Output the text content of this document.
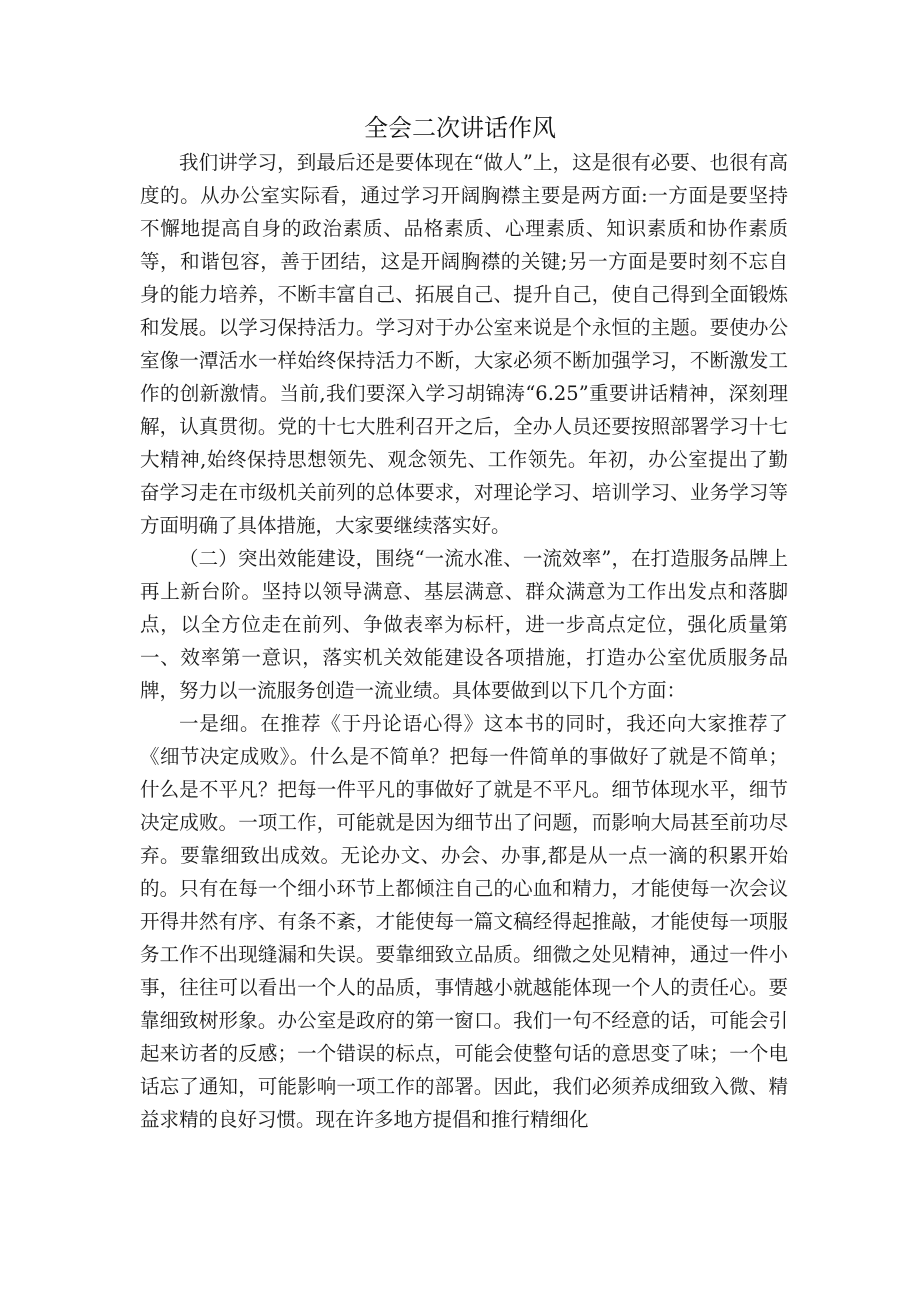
全会二次讲话作风

我们讲学习，到最后还是要体现在“做人”上，这是很有必要、也很有高度的。从办公室实际看，通过学习开阔胸襟主要是两方面:一方面是要坚持不懈地提高自身的政治素质、品格素质、心理素质、知识素质和协作素质等，和谐包容，善于团结，这是开阔胸襟的关键;另一方面是要时刻不忘自身的能力培养，不断丰富自己、拓展自己、提升自己，使自己得到全面锻炼和发展。以学习保持活力。学习对于办公室来说是个永恒的主题。要使办公室像一潭活水一样始终保持活力不断，大家必须不断加强学习，不断激发工作的创新激情。当前,我们要深入学习胡锦涛“6.25”重要讲话精神，深刻理解，认真贯彻。党的十七大胜利召开之后，全办人员还要按照部署学习十七大精神,始终保持思想领先、观念领先、工作领先。年初，办公室提出了勤奋学习走在市级机关前列的总体要求，对理论学习、培训学习、业务学习等方面明确了具体措施，大家要继续落实好。

（二）突出效能建设，围绕“一流水准、一流效率”，在打造服务品牌上再上新台阶。坚持以领导满意、基层满意、群众满意为工作出发点和落脚点，以全方位走在前列、争做表率为标杆，进一步高点定位，强化质量第一、效率第一意识，落实机关效能建设各项措施，打造办公室优质服务品牌，努力以一流服务创造一流业绩。具体要做到以下几个方面：

一是细。在推荐《于丹论语心得》这本书的同时，我还向大家推荐了《细节决定成败》。什么是不简单？把每一件简单的事做好了就是不简单；什么是不平凡？把每一件平凡的事做好了就是不平凡。细节体现水平，细节决定成败。一项工作，可能就是因为细节出了问题，而影响大局甚至前功尽弃。要靠细致出成效。无论办文、办会、办事,都是从一点一滴的积累开始的。只有在每一个细小环节上都倾注自己的心血和精力，才能使每一次会议开得井然有序、有条不紊，才能使每一篇文稿经得起推敲，才能使每一项服务工作不出现缝漏和失误。要靠细致立品质。细微之处见精神，通过一件小事，往往可以看出一个人的品质，事情越小就越能体现一个人的责任心。要靠细致树形象。办公室是政府的第一窗口。我们一句不经意的话，可能会引起来访者的反感；一个错误的标点，可能会使整句话的意思变了味；一个电话忘了通知，可能影响一项工作的部署。因此，我们必须养成细致入微、精益求精的良好习惯。现在许多地方提倡和推行精细化
